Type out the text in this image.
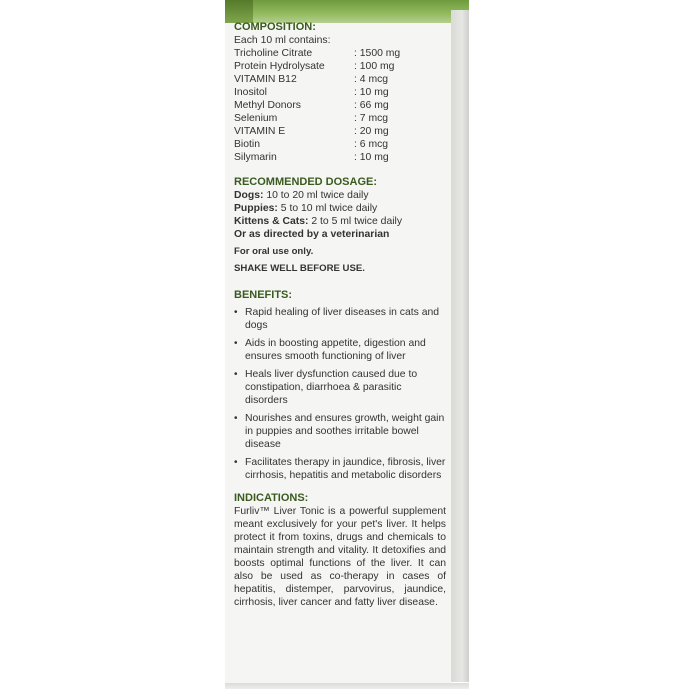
COMPOSITION:
Each 10 ml contains:
Tricholine Citrate	: 1500 mg
Protein Hydrolysate	: 100 mg
VITAMIN B12	: 4 mcg
Inositol	: 10 mg
Methyl Donors	: 66 mg
Selenium	: 7 mcg
VITAMIN E	: 20 mg
Biotin	: 6 mcg
Silymarin	: 10 mg
RECOMMENDED DOSAGE:
Dogs: 10 to 20 ml twice daily
Puppies: 5 to 10 ml twice daily
Kittens & Cats: 2 to 5 ml twice daily
Or as directed by a veterinarian
For oral use only.
SHAKE WELL BEFORE USE.
BENEFITS:
• Rapid healing of liver diseases in cats and dogs
• Aids in boosting appetite, digestion and ensures smooth functioning of liver
• Heals liver dysfunction caused due to constipation, diarrhoea & parasitic disorders
• Nourishes and ensures growth, weight gain in puppies and soothes irritable bowel disease
• Facilitates therapy in jaundice, fibrosis, liver cirrhosis, hepatitis and metabolic disorders
INDICATIONS:
Furliv™ Liver Tonic is a powerful supplement meant exclusively for your pet's liver. It helps protect it from toxins, drugs and chemicals to maintain strength and vitality. It detoxifies and boosts optimal functions of the liver. It can also be used as co-therapy in cases of hepatitis, distemper, parvovirus, jaundice, cirrhosis, liver cancer and fatty liver disease.
